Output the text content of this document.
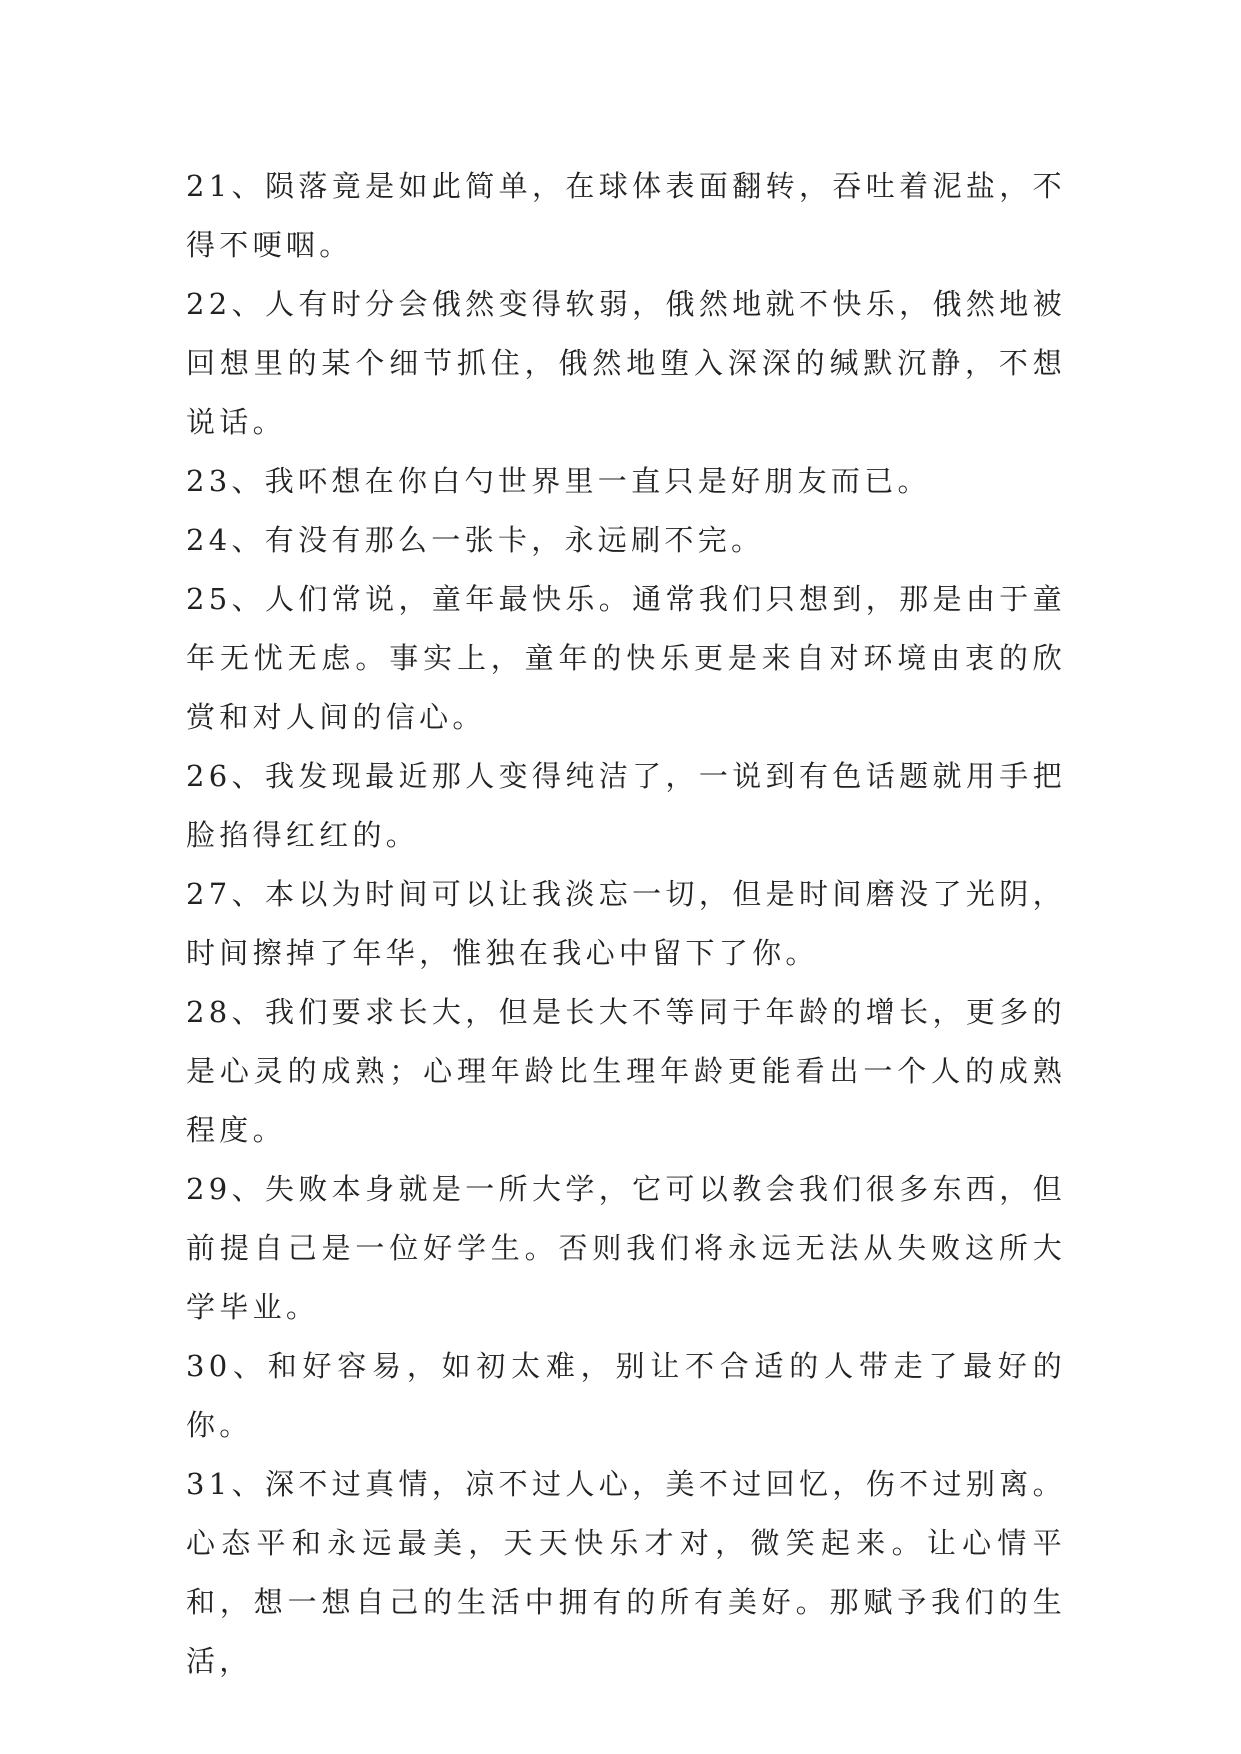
21、陨落竟是如此简单，在球体表面翻转，吞吐着泥盐，不得不哽咽。

22、人有时分会俄然变得软弱，俄然地就不快乐，俄然地被回想里的某个细节抓住，俄然地堕入深深的缄默沉静，不想说话。

23、我吥想在你白勺世界里一直只是好朋友而已。

24、有没有那么一张卡，永远刷不完。

25、人们常说，童年最快乐。通常我们只想到，那是由于童年无忧无虑。事实上，童年的快乐更是来自对环境由衷的欣赏和对人间的信心。

26、我发现最近那人变得纯洁了，一说到有色话题就用手把脸掐得红红的。

27、本以为时间可以让我淡忘一切，但是时间磨没了光阴，时间擦掉了年华，惟独在我心中留下了你。

28、我们要求长大，但是长大不等同于年龄的增长，更多的是心灵的成熟；心理年龄比生理年龄更能看出一个人的成熟程度。

29、失败本身就是一所大学，它可以教会我们很多东西，但前提自己是一位好学生。否则我们将永远无法从失败这所大学毕业。

30、和好容易，如初太难，别让不合适的人带走了最好的你。

31、深不过真情，凉不过人心，美不过回忆，伤不过别离。心态平和永远最美，天天快乐才对，微笑起来。让心情平和，想一想自己的生活中拥有的所有美好。那赋予我们的生活，
